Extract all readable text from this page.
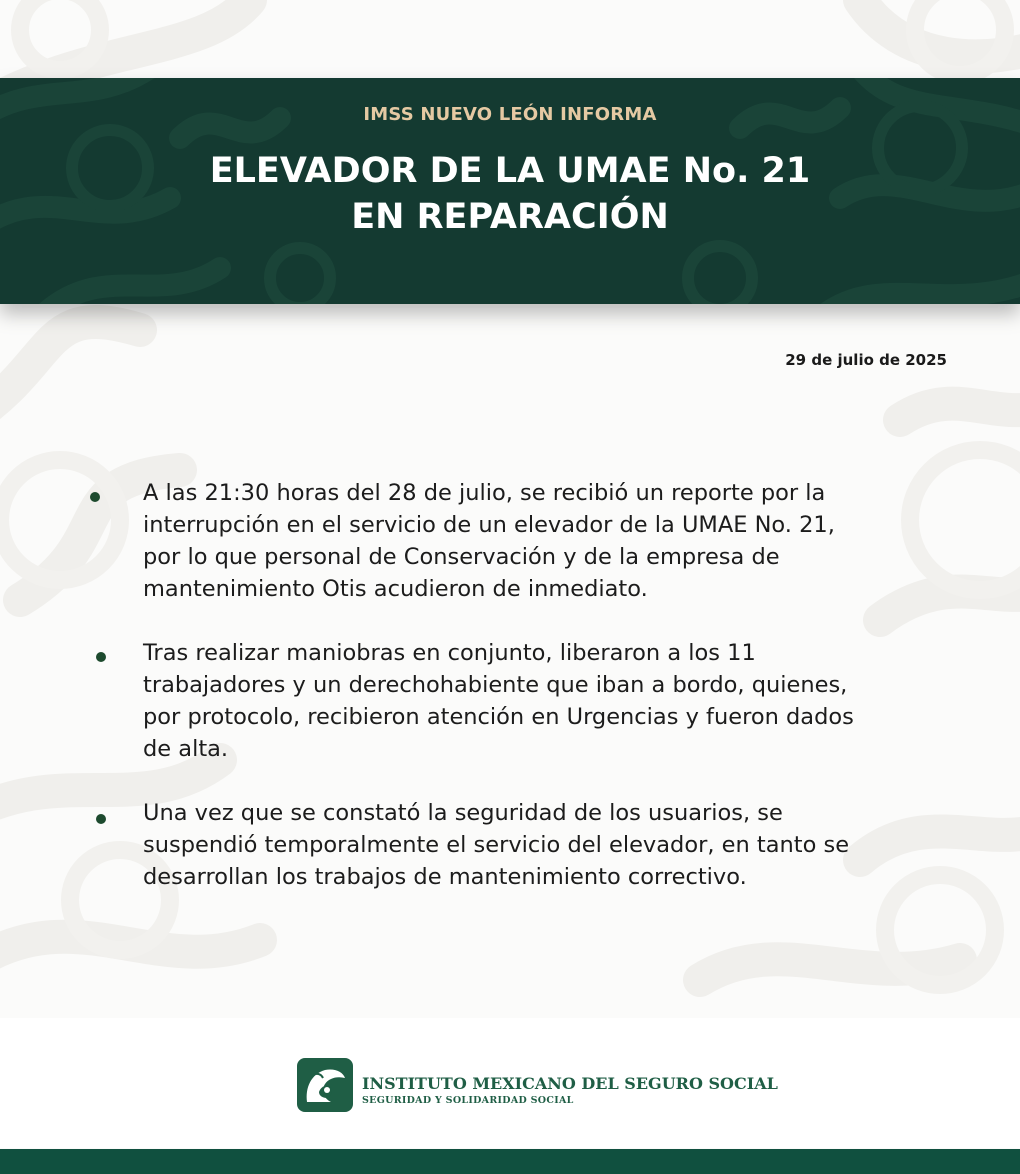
IMSS NUEVO LEÓN INFORMA
ELEVADOR DE LA UMAE No. 21
EN REPARACIÓN
29 de julio de 2025
A las 21:30 horas del 28 de julio, se recibió un reporte por la
interrupción en el servicio de un elevador de la UMAE No. 21,
por lo que personal de Conservación y de la empresa de
mantenimiento Otis acudieron de inmediato.
Tras realizar maniobras en conjunto, liberaron a los 11
trabajadores y un derechohabiente que iban a bordo, quienes,
por protocolo, recibieron atención en Urgencias y fueron dados
de alta.
Una vez que se constató la seguridad de los usuarios, se
suspendió temporalmente el servicio del elevador, en tanto se
desarrollan los trabajos de mantenimiento correctivo.
INSTITUTO MEXICANO DEL SEGURO SOCIAL
SEGURIDAD Y SOLIDARIDAD SOCIAL
